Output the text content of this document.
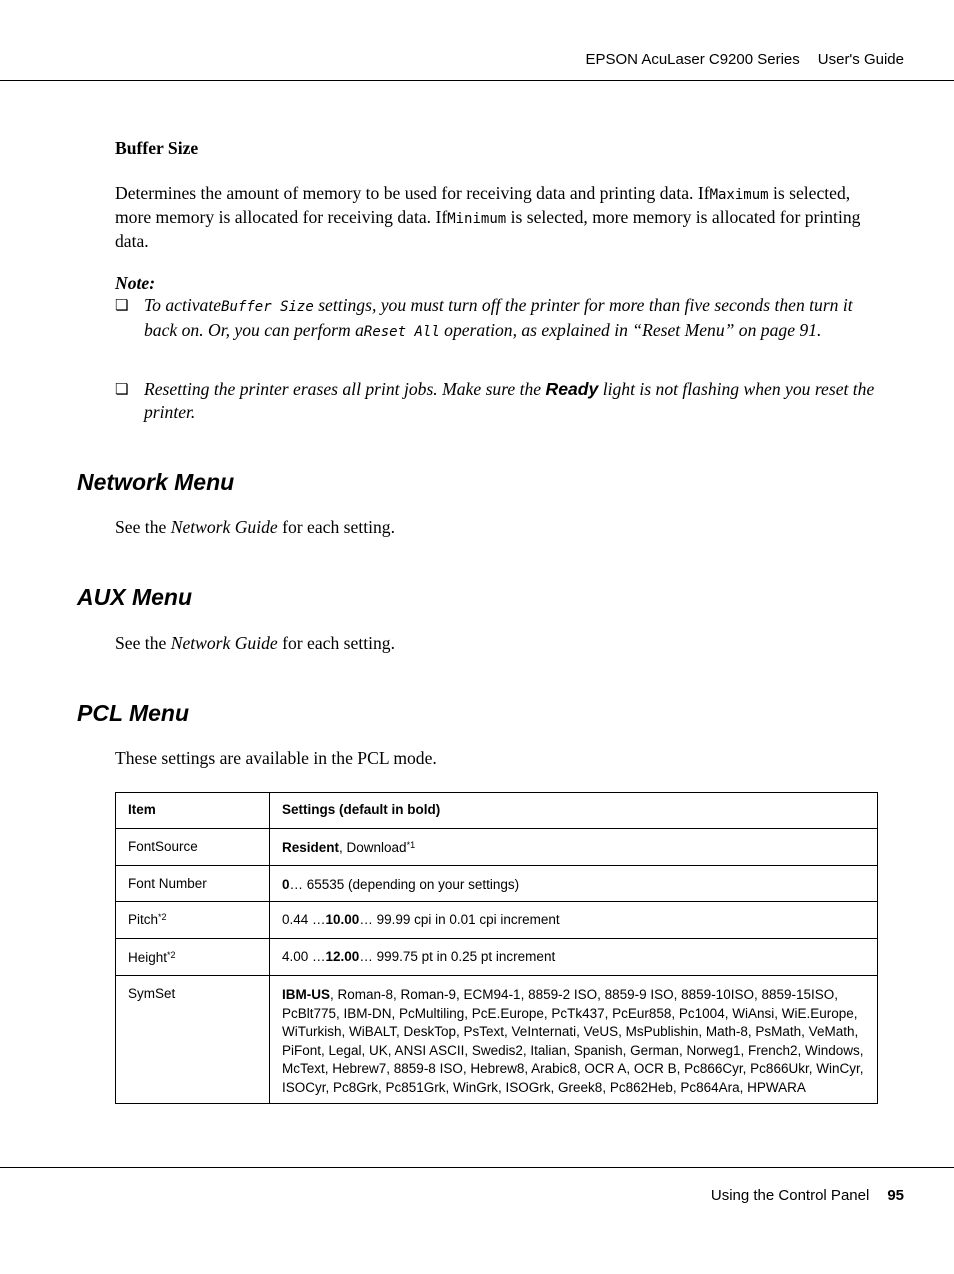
EPSON AcuLaser C9200 Series User's Guide
Buffer Size
Determines the amount of memory to be used for receiving data and printing data. IfMaximum is selected, more memory is allocated for receiving data. IfMinimum is selected, more memory is allocated for printing data.
Note:
❏ To activateBuffer Size settings, you must turn off the printer for more than five seconds then turn it back on. Or, you can perform aReset All operation, as explained in “Reset Menu” on page 91.
❏ Resetting the printer erases all print jobs. Make sure the Ready light is not flashing when you reset the printer.
Network Menu
See the Network Guide for each setting.
AUX Menu
See the Network Guide for each setting.
PCL Menu
These settings are available in the PCL mode.
Item	Settings (default in bold)
FontSource	Resident, Download$^{*1}$
Font Number	0… 65535 (depending on your settings)
Pitch$^{*2}$	0.44 …10.00… 99.99 cpi in 0.01 cpi increment
Height$^{*2}$	4.00 …12.00… 999.75 pt in 0.25 pt increment
SymSet	IBM-US, Roman-8, Roman-9, ECM94-1, 8859-2 ISO, 8859-9 ISO, 8859-10ISO, 8859-15ISO, PcBlt775, IBM-DN, PcMultiling, PcE.Europe, PcTk437, PcEur858, Pc1004, WiAnsi, WiE.Europe, WiTurkish, WiBALT, DeskTop, PsText, VeInternati, VeUS, MsPublishin, Math-8, PsMath, VeMath, PiFont, Legal, UK, ANSI ASCII, Swedis2, Italian, Spanish, German, Norweg1, French2, Windows, McText, Hebrew7, 8859-8 ISO, Hebrew8, Arabic8, OCR A, OCR B, Pc866Cyr, Pc866Ukr, WinCyr, ISOCyr, Pc8Grk, Pc851Grk, WinGrk, ISOGrk, Greek8, Pc862Heb, Pc864Ara, HPWARA
Using the Control Panel 95
